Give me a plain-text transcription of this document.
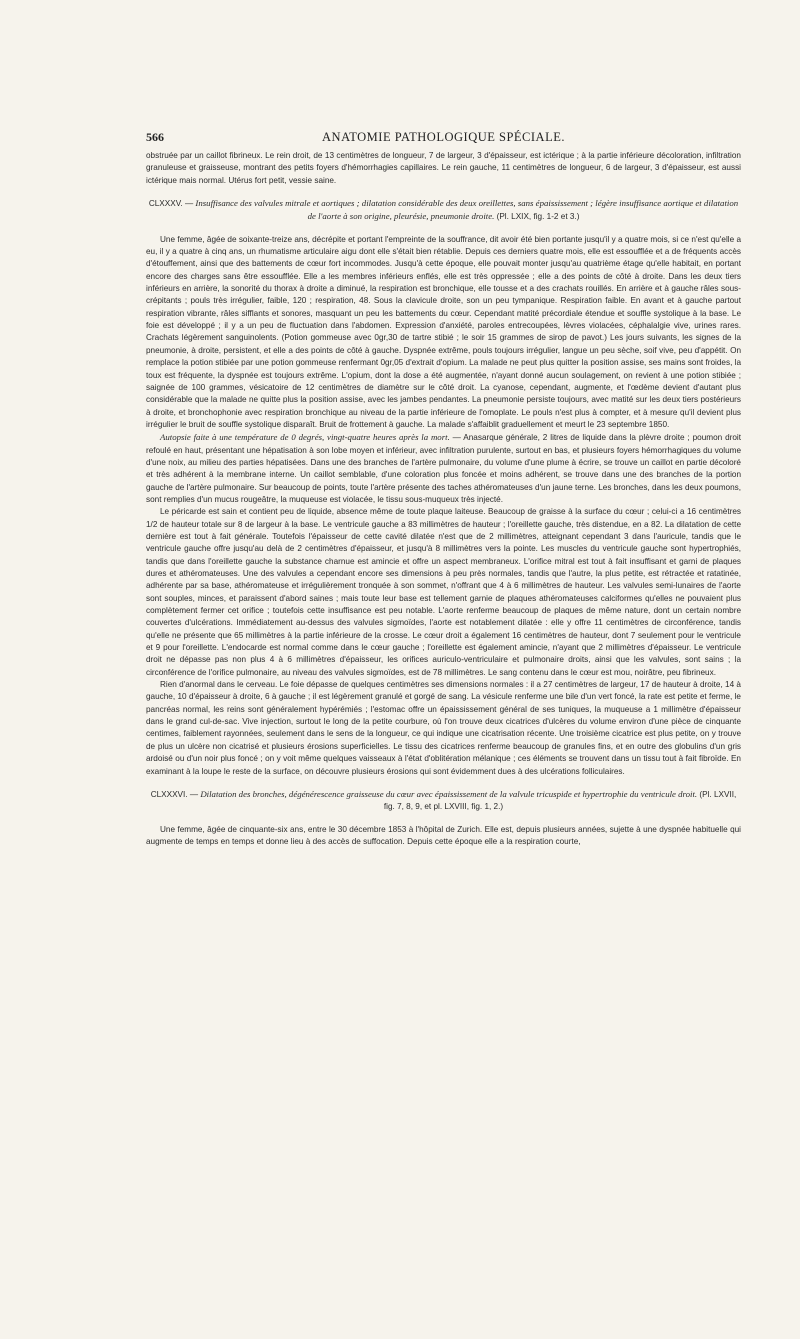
566	ANATOMIE PATHOLOGIQUE SPÉCIALE.

obstruée par un caillot fibrineux. Le rein droit, de 13 centimètres de longueur, 7 de largeur, 3 d'épaisseur, est ictérique ; à la partie inférieure décoloration, infiltration granuleuse et graisseuse, montrant des petits foyers d'hémorrhagies capillaires. Le rein gauche, 11 centimètres de longueur, 6 de largeur, 3 d'épaisseur, est aussi ictérique mais normal. Utérus fort petit, vessie saine.

CLXXXV. — Insuffisance des valvules mitrale et aortiques ; dilatation considérable des deux oreillettes, sans épaississement ; légère insuffisance aortique et dilatation de l'aorte à son origine, pleurésie, pneumonie droite. (Pl. LXIX, fig. 1-2 et 3.)

Une femme, âgée de soixante-treize ans, décrépite et portant l'empreinte de la souffrance, dit avoir été bien portante jusqu'il y a quatre mois, si ce n'est qu'elle a eu, il y a quatre à cinq ans, un rhumatisme articulaire aigu dont elle s'était bien rétablie. Depuis ces derniers quatre mois, elle est essoufflée et a de fréquents accès d'étouffement, ainsi que des battements de cœur fort incommodes. Jusqu'à cette époque, elle pouvait monter jusqu'au quatrième étage qu'elle habitait, en portant encore des charges sans être essoufflée. Elle a les membres inférieurs enflés, elle est très oppressée ; elle a des points de côté à droite. Dans les deux tiers inférieurs en arrière, la sonorité du thorax à droite a diminué, la respiration est bronchique, elle tousse et a des crachats rouillés. En arrière et à gauche râles sous-crépitants ; pouls très irrégulier, faible, 120 ; respiration, 48. Sous la clavicule droite, son un peu tympanique. Respiration faible. En avant et à gauche partout respiration vibrante, râles sifflants et sonores, masquant un peu les battements du cœur. Cependant matité précordiale étendue et souffle systolique à la base. Le foie est développé ; il y a un peu de fluctuation dans l'abdomen. Expression d'anxiété, paroles entrecoupées, lèvres violacées, céphalalgie vive, urines rares. Crachats légèrement sanguinolents. (Potion gommeuse avec 0gr,30 de tartre stibié ; le soir 15 grammes de sirop de pavot.) Les jours suivants, les signes de la pneumonie, à droite, persistent, et elle a des points de côté à gauche. Dyspnée extrême, pouls toujours irrégulier, langue un peu sèche, soif vive, peu d'appétit. On remplace la potion stibiée par une potion gommeuse renfermant 0gr,05 d'extrait d'opium. La malade ne peut plus quitter la position assise, ses mains sont froides, la toux est fréquente, la dyspnée est toujours extrême. L'opium, dont la dose a été augmentée, n'ayant donné aucun soulagement, on revient à une potion stibiée ; saignée de 100 grammes, vésicatoire de 12 centimètres de diamètre sur le côté droit. La cyanose, cependant, augmente, et l'œdème devient d'autant plus considérable que la malade ne quitte plus la position assise, avec les jambes pendantes. La pneumonie persiste toujours, avec matité sur les deux tiers postérieurs à droite, et bronchophonie avec respiration bronchique au niveau de la partie inférieure de l'omoplate. Le pouls n'est plus à compter, et à mesure qu'il devient plus irrégulier le bruit de souffle systolique disparaît. Bruit de frottement à gauche. La malade s'affaiblit graduellement et meurt le 23 septembre 1850.

Autopsie faite à une température de 0 degrés, vingt-quatre heures après la mort. — Anasarque générale, 2 litres de liquide dans la plèvre droite ; poumon droit refoulé en haut, présentant une hépatisation à son lobe moyen et inférieur, avec infiltration purulente, surtout en bas, et plusieurs foyers hémorrhagiques du volume d'une noix, au milieu des parties hépatisées. Dans une des branches de l'artère pulmonaire, du volume d'une plume à écrire, se trouve un caillot en partie décoloré et très adhérent à la membrane interne. Un caillot semblable, d'une coloration plus foncée et moins adhérent, se trouve dans une des branches de la portion gauche de l'artère pulmonaire. Sur beaucoup de points, toute l'artère présente des taches athéromateuses d'un jaune terne. Les bronches, dans les deux poumons, sont remplies d'un mucus rougeâtre, la muqueuse est violacée, le tissu sous-muqueux très injecté.

Le péricarde est sain et contient peu de liquide, absence même de toute plaque laiteuse. Beaucoup de graisse à la surface du cœur ; celui-ci a 16 centimètres 1/2 de hauteur totale sur 8 de largeur à la base. Le ventricule gauche a 83 millimètres de hauteur ; l'oreillette gauche, très distendue, en a 82. La dilatation de cette dernière est tout à fait générale. Toutefois l'épaisseur de cette cavité dilatée n'est que de 2 millimètres, atteignant cependant 3 dans l'auricule, tandis que le ventricule gauche offre jusqu'au delà de 2 centimètres d'épaisseur, et jusqu'à 8 millimètres vers la pointe. Les muscles du ventricule gauche sont hypertrophiés, tandis que dans l'oreillette gauche la substance charnue est amincie et offre un aspect membraneux. L'orifice mitral est tout à fait insuffisant et garni de plaques dures et athéromateuses. Une des valvules a cependant encore ses dimensions à peu près normales, tandis que l'autre, la plus petite, est rétractée et ratatinée, adhérente par sa base, athéromateuse et irrégulièrement tronquée à son sommet, n'offrant que 4 à 6 millimètres de hauteur. Les valvules semi-lunaires de l'aorte sont souples, minces, et paraissent d'abord saines ; mais toute leur base est tellement garnie de plaques athéromateuses calciformes qu'elles ne pouvaient plus complètement fermer cet orifice ; toutefois cette insuffisance est peu notable. L'aorte renferme beaucoup de plaques de même nature, dont un certain nombre couvertes d'ulcérations. Immédiatement au-dessus des valvules sigmoïdes, l'aorte est notablement dilatée : elle y offre 11 centimètres de circonférence, tandis qu'elle ne présente que 65 millimètres à la partie inférieure de la crosse. Le cœur droit a également 16 centimètres de hauteur, dont 7 seulement pour le ventricule et 9 pour l'oreillette. L'endocarde est normal comme dans le cœur gauche ; l'oreillette est également amincie, n'ayant que 2 millimètres d'épaisseur. Le ventricule droit ne dépasse pas non plus 4 à 6 millimètres d'épaisseur, les orifices auriculo-ventriculaire et pulmonaire droits, ainsi que les valvules, sont sains ; la circonférence de l'orifice pulmonaire, au niveau des valvules sigmoïdes, est de 78 millimètres. Le sang contenu dans le cœur est mou, noirâtre, peu fibrineux.

Rien d'anormal dans le cerveau. Le foie dépasse de quelques centimètres ses dimensions normales : il a 27 centimètres de largeur, 17 de hauteur à droite, 14 à gauche, 10 d'épaisseur à droite, 6 à gauche ; il est légèrement granulé et gorgé de sang. La vésicule renferme une bile d'un vert foncé, la rate est petite et ferme, le pancréas normal, les reins sont généralement hypérémiés ; l'estomac offre un épaississement général de ses tuniques, la muqueuse a 1 millimètre d'épaisseur dans le grand cul-de-sac. Vive injection, surtout le long de la petite courbure, où l'on trouve deux cicatrices d'ulcères du volume environ d'une pièce de cinquante centimes, faiblement rayonnées, seulement dans le sens de la longueur, ce qui indique une cicatrisation récente. Une troisième cicatrice est plus petite, on y trouve de plus un ulcère non cicatrisé et plusieurs érosions superficielles. Le tissu des cicatrices renferme beaucoup de granules fins, et en outre des globulins d'un gris ardoisé ou d'un noir plus foncé ; on y voit même quelques vaisseaux à l'état d'oblitération mélanique ; ces éléments se trouvent dans un tissu tout à fait fibroïde. En examinant à la loupe le reste de la surface, on découvre plusieurs érosions qui sont évidemment dues à des ulcérations folliculaires.

CLXXXVI. — Dilatation des bronches, dégénérescence graisseuse du cœur avec épaississement de la valvule tricuspide et hypertrophie du ventricule droit. (Pl. LXVII, fig. 7, 8, 9, et pl. LXVIII, fig. 1, 2.)

Une femme, âgée de cinquante-six ans, entre le 30 décembre 1853 à l'hôpital de Zurich. Elle est, depuis plusieurs années, sujette à une dyspnée habituelle qui augmente de temps en temps et donne lieu à des accès de suffocation. Depuis cette époque elle a la respiration courte,
